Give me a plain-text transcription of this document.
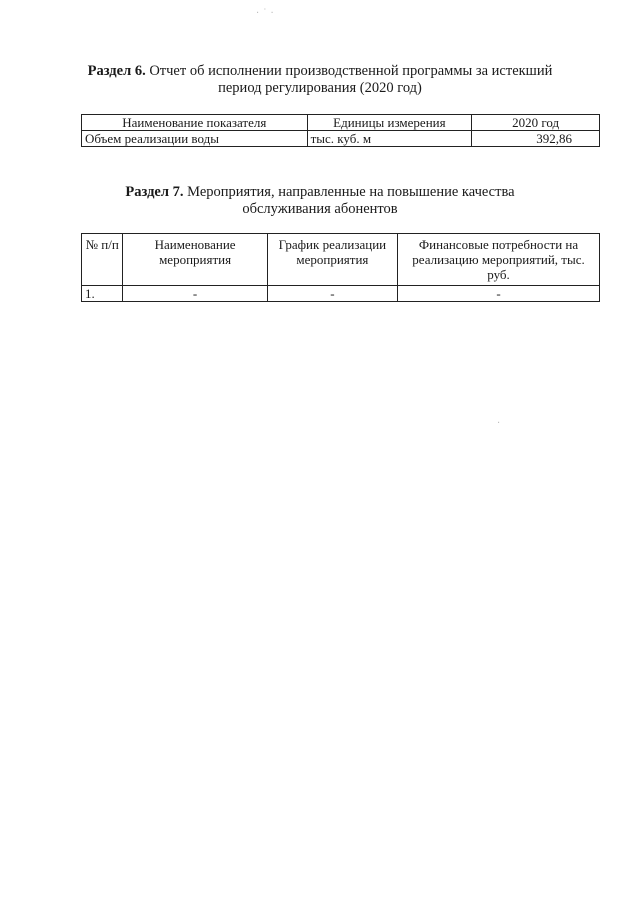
Раздел 6. Отчет об исполнении производственной программы за истекший
период регулирования (2020 год)
Наименование показателя	Единицы измерения	2020 год
Объем реализации воды	тыс. куб. м	392,86
Раздел 7. Мероприятия, направленные на повышение качества
обслуживания абонентов
№ п/п	Наименование мероприятия	График реализации мероприятия	Финансовые потребности на реализацию мероприятий, тыс. руб.
1.	-	-	-
· ˙ ·
·
